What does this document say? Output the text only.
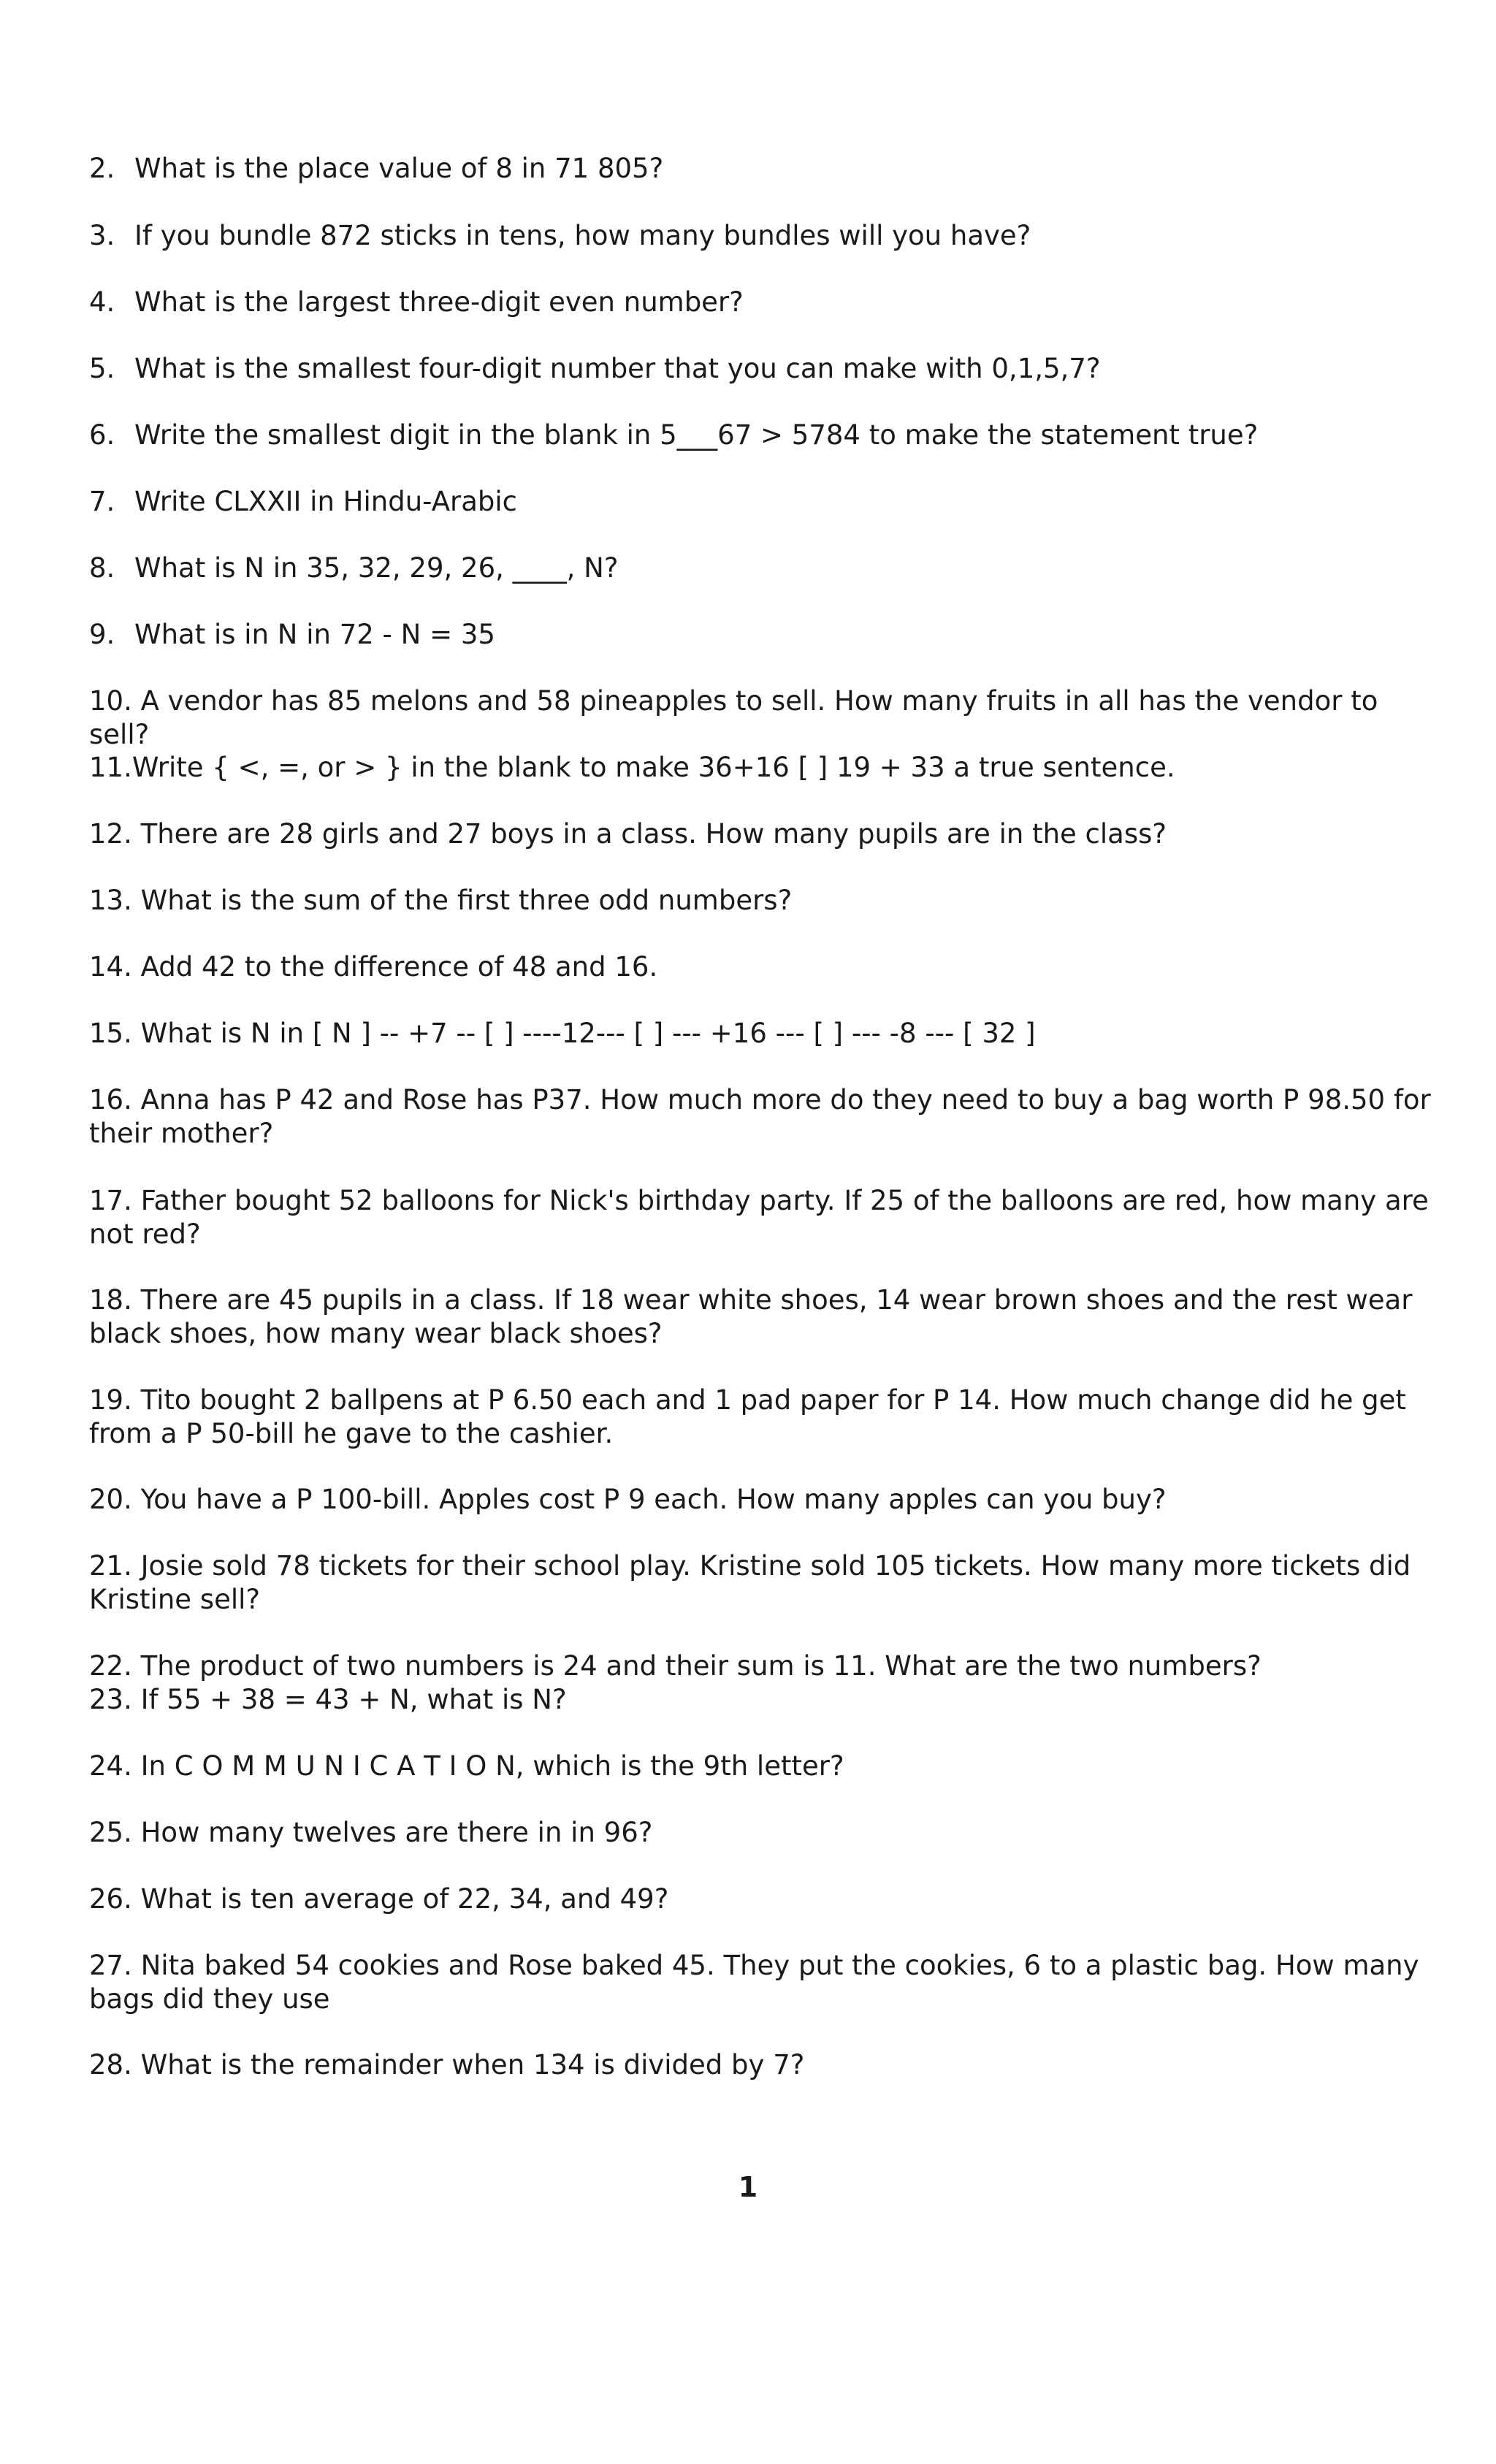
2. What is the place value of 8 in 71 805?
3. If you bundle 872 sticks in tens, how many bundles will you have?
4. What is the largest three-digit even number?
5. What is the smallest four-digit number that you can make with 0,1,5,7?
6. Write the smallest digit in the blank in 5___67 > 5784 to make the statement true?
7. Write CLXXII in Hindu-Arabic
8. What is N in 35, 32, 29, 26, ____, N?
9. What is in N in 72 - N = 35
10. A vendor has 85 melons and 58 pineapples to sell. How many fruits in all has the vendor to sell?
11.Write { <, =, or > } in the blank to make 36+16 [ ] 19 + 33 a true sentence.
12. There are 28 girls and 27 boys in a class. How many pupils are in the class?
13. What is the sum of the first three odd numbers?
14. Add 42 to the difference of 48 and 16.
15. What is N in [ N ] -- +7 -- [ ] ----12--- [ ] --- +16 --- [ ] --- -8 --- [ 32 ]
16. Anna has P 42 and Rose has P37. How much more do they need to buy a bag worth P 98.50 for their mother?
17. Father bought 52 balloons for Nick's birthday party. If 25 of the balloons are red, how many are not red?
18. There are 45 pupils in a class. If 18 wear white shoes, 14 wear brown shoes and the rest wear black shoes, how many wear black shoes?
19. Tito bought 2 ballpens at P 6.50 each and 1 pad paper for P 14. How much change did he get from a P 50-bill he gave to the cashier.
20. You have a P 100-bill. Apples cost P 9 each. How many apples can you buy?
21. Josie sold 78 tickets for their school play. Kristine sold 105 tickets. How many more tickets did Kristine sell?
22. The product of two numbers is 24 and their sum is 11. What are the two numbers?
23. If 55 + 38 = 43 + N, what is N?
24. In C O M M U N I C A T I O N, which is the 9th letter?
25. How many twelves are there in in 96?
26. What is ten average of 22, 34, and 49?
27. Nita baked 54 cookies and Rose baked 45. They put the cookies, 6 to a plastic bag. How many bags did they use
28. What is the remainder when 134 is divided by 7?
1
